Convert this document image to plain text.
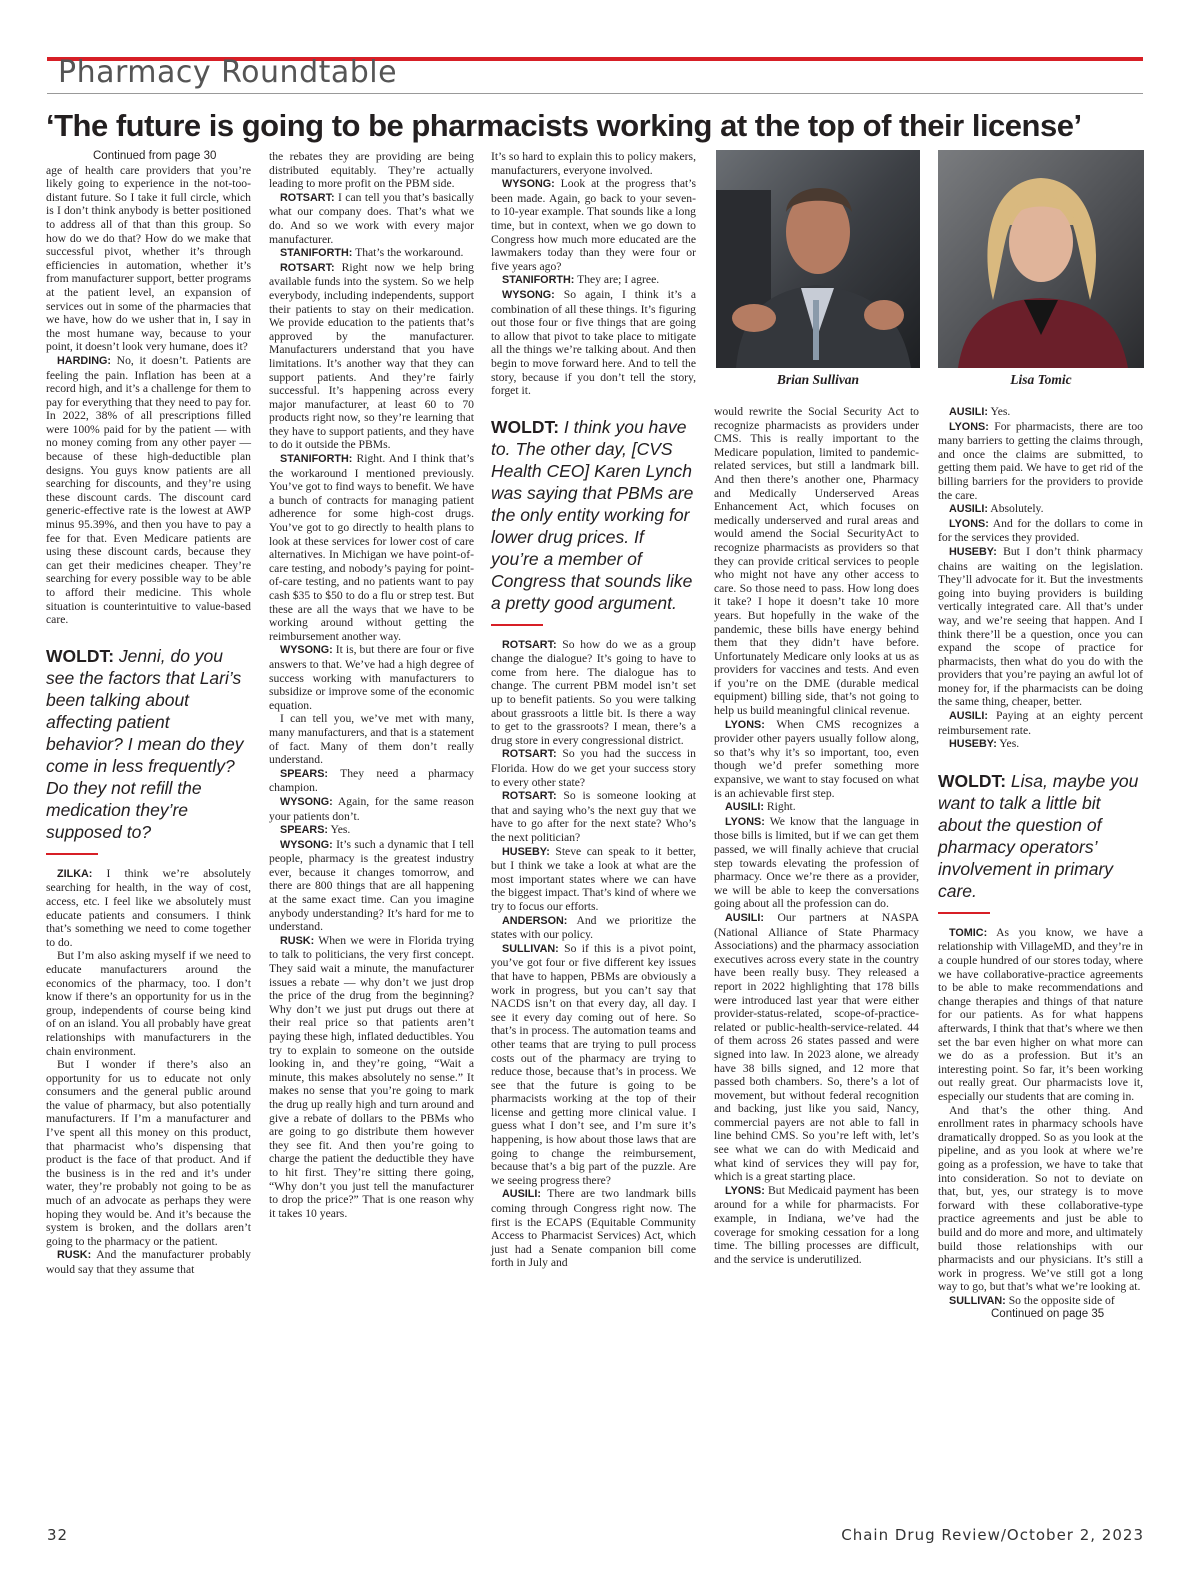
Pharmacy Roundtable
‘The future is going to be pharmacists working at the top of their license’

Continued from page 30

age of health care providers that you’re likely going to experience in the not-too-distant future. So I take it full circle, which is I don’t think anybody is better positioned to address all of that than this group. So how do we do that? How do we make that successful pivot, whether it’s through efficiencies in automation, whether it’s from manufacturer support, better programs at the patient level, an expansion of services out in some of the pharmacies that we have, how do we usher that in, I say in the most humane way, because to your point, it doesn’t look very humane, does it?

HARDING: No, it doesn’t. Patients are feeling the pain. Inflation has been at a record high, and it’s a challenge for them to pay for everything that they need to pay for. In 2022, 38% of all prescriptions filled were 100% paid for by the patient — with no money coming from any other payer — because of these high-deductible plan designs. You guys know patients are all searching for discounts, and they’re using these discount cards. The discount card generic-effective rate is the lowest at AWP minus 95.39%, and then you have to pay a fee for that. Even Medicare patients are using these discount cards, because they can get their medicines cheaper. They’re searching for every possible way to be able to afford their medicine. This whole situation is counterintuitive to value-based care.

WOLDT: Jenni, do you see the factors that Lari’s been talking about affecting patient behavior? I mean do they come in less frequently? Do they not refill the medication they’re supposed to?

ZILKA: I think we’re absolutely searching for health, in the way of cost, access, etc. I feel like we absolutely must educate patients and consumers. I think that’s something we need to come together to do.

But I’m also asking myself if we need to educate manufacturers around the economics of the pharmacy, too. I don’t know if there’s an opportunity for us in the group, independents of course being kind of on an island. You all probably have great relationships with manufacturers in the chain environment.

But I wonder if there’s also an opportunity for us to educate not only consumers and the general public around the value of pharmacy, but also potentially manufacturers. If I’m a manufacturer and I’ve spent all this money on this product, that pharmacist who’s dispensing that product is the face of that product. And if the business is in the red and it’s under water, they’re probably not going to be as much of an advocate as perhaps they were hoping they would be. And it’s because the system is broken, and the dollars aren’t going to the pharmacy or the patient.

RUSK: And the manufacturer probably would say that they assume that

the rebates they are providing are being distributed equitably. They’re actually leading to more profit on the PBM side.

ROTSART: I can tell you that’s basically what our company does. That’s what we do. And so we work with every major manufacturer.

STANIFORTH: That’s the workaround.

ROTSART: Right now we help bring available funds into the system. So we help everybody, including independents, support their patients to stay on their medication. We provide education to the patients that’s approved by the manufacturer. Manufacturers understand that you have limitations. It’s another way that they can support patients. And they’re fairly successful. It’s happening across every major manufacturer, at least 60 to 70 products right now, so they’re learning that they have to support patients, and they have to do it outside the PBMs.

STANIFORTH: Right. And I think that’s the workaround I mentioned previously. You’ve got to find ways to benefit. We have a bunch of contracts for managing patient adherence for some high-cost drugs. You’ve got to go directly to health plans to look at these services for lower cost of care alternatives. In Michigan we have point-of-care testing, and nobody’s paying for point-of-care testing, and no patients want to pay cash $35 to $50 to do a flu or strep test. But these are all the ways that we have to be working around without getting the reimbursement another way.

WYSONG: It is, but there are four or five answers to that. We’ve had a high degree of success working with manufacturers to subsidize or improve some of the economic equation.

I can tell you, we’ve met with many, many manufacturers, and that is a statement of fact. Many of them don’t really understand.

SPEARS: They need a pharmacy champion.

WYSONG: Again, for the same reason your patients don’t.

SPEARS: Yes.

WYSONG: It’s such a dynamic that I tell people, pharmacy is the greatest industry ever, because it changes tomorrow, and there are 800 things that are all happening at the same exact time. Can you imagine anybody understanding? It’s hard for me to understand.

RUSK: When we were in Florida trying to talk to politicians, the very first concept. They said wait a minute, the manufacturer issues a rebate — why don’t we just drop the price of the drug from the beginning? Why don’t we just put drugs out there at their real price so that patients aren’t paying these high, inflated deductibles. You try to explain to someone on the outside looking in, and they’re going, “Wait a minute, this makes absolutely no sense.” It makes no sense that you’re going to mark the drug up really high and turn around and give a rebate of dollars to the PBMs who are going to go distribute them however they see fit. And then you’re going to charge the patient the deductible they have to hit first. They’re sitting there going, “Why don’t you just tell the manufacturer to drop the price?” That is one reason why it takes 10 years.

It’s so hard to explain this to policy makers, manufacturers, everyone involved.

WYSONG: Look at the progress that’s been made. Again, go back to your seven- to 10-year example. That sounds like a long time, but in context, when we go down to Congress how much more educated are the lawmakers today than they were four or five years ago?

STANIFORTH: They are; I agree.

WYSONG: So again, I think it’s a combination of all these things. It’s figuring out those four or five things that are going to allow that pivot to take place to mitigate all the things we’re talking about. And then begin to move forward here. And to tell the story, because if you don’t tell the story, forget it.

WOLDT: I think you have to. The other day, [CVS Health CEO] Karen Lynch was saying that PBMs are the only entity working for lower drug prices. If you’re a member of Congress that sounds like a pretty good argument.

ROTSART: So how do we as a group change the dialogue? It’s going to have to come from here. The dialogue has to change. The current PBM model isn’t set up to benefit patients. So you were talking about grassroots a little bit. Is there a way to get to the grassroots? I mean, there’s a drug store in every congressional district.

ROTSART: So you had the success in Florida. How do we get your success story to every other state?

ROTSART: So is someone looking at that and saying who’s the next guy that we have to go after for the next state? Who’s the next politician?

HUSEBY: Steve can speak to it better, but I think we take a look at what are the most important states where we can have the biggest impact. That’s kind of where we try to focus our efforts.

ANDERSON: And we prioritize the states with our policy.

SULLIVAN: So if this is a pivot point, you’ve got four or five different key issues that have to happen, PBMs are obviously a work in progress, but you can’t say that NACDS isn’t on that every day, all day. I see it every day coming out of here. So that’s in process. The automation teams and other teams that are trying to pull process costs out of the pharmacy are trying to reduce those, because that’s in process. We see that the future is going to be pharmacists working at the top of their license and getting more clinical value. I guess what I don’t see, and I’m sure it’s happening, is how about those laws that are going to change the reimbursement, because that’s a big part of the puzzle. Are we seeing progress there?

AUSILI: There are two landmark bills coming through Congress right now. The first is the ECAPS (Equitable Community Access to Pharmacist Services) Act, which just had a Senate companion bill come forth in July and

Brian Sullivan	Lisa Tomic

would rewrite the Social Security Act to recognize pharmacists as providers under CMS. This is really important to the Medicare population, limited to pandemic-related services, but still a landmark bill. And then there’s another one, Pharmacy and Medically Underserved Areas Enhancement Act, which focuses on medically underserved and rural areas and would amend the Social SecurityAct to recognize pharmacists as providers so that they can provide critical services to people who might not have any other access to care. So those need to pass. How long does it take? I hope it doesn’t take 10 more years. But hopefully in the wake of the pandemic, these bills have energy behind them that they didn’t have before. Unfortunately Medicare only looks at us as providers for vaccines and tests. And even if you’re on the DME (durable medical equipment) billing side, that’s not going to help us build meaningful clinical revenue.

LYONS: When CMS recognizes a provider other payers usually follow along, so that’s why it’s so important, too, even though we’d prefer something more expansive, we want to stay focused on what is an achievable first step.

AUSILI: Right.

LYONS: We know that the language in those bills is limited, but if we can get them passed, we will finally achieve that crucial step towards elevating the profession of pharmacy. Once we’re there as a provider, we will be able to keep the conversations going about all the profession can do.

AUSILI: Our partners at NASPA (National Alliance of State Pharmacy Associations) and the pharmacy association executives across every state in the country have been really busy. They released a report in 2022 highlighting that 178 bills were introduced last year that were either provider-status-related, scope-of-practice-related or public-health-service-related. 44 of them across 26 states passed and were signed into law. In 2023 alone, we already have 38 bills signed, and 12 more that passed both chambers. So, there’s a lot of movement, but without federal recognition and backing, just like you said, Nancy, commercial payers are not able to fall in line behind CMS. So you’re left with, let’s see what we can do with Medicaid and what kind of services they will pay for, which is a great starting place.

LYONS: But Medicaid payment has been around for a while for pharmacists. For example, in Indiana, we’ve had the coverage for smoking cessation for a long time. The billing processes are difficult, and the service is underutilized.

AUSILI: Yes.

LYONS: For pharmacists, there are too many barriers to getting the claims through, and once the claims are submitted, to getting them paid. We have to get rid of the billing barriers for the providers to provide the care.

AUSILI: Absolutely.

LYONS: And for the dollars to come in for the services they provided.

HUSEBY: But I don’t think pharmacy chains are waiting on the legislation. They’ll advocate for it. But the investments going into buying providers is building vertically integrated care. All that’s under way, and we’re seeing that happen. And I think there’ll be a question, once you can expand the scope of practice for pharmacists, then what do you do with the providers that you’re paying an awful lot of money for, if the pharmacists can be doing the same thing, cheaper, better.

AUSILI: Paying at an eighty percent reimbursement rate.

HUSEBY: Yes.

WOLDT: Lisa, maybe you want to talk a little bit about the question of pharmacy operators’ involvement in primary care.

TOMIC: As you know, we have a relationship with VillageMD, and they’re in a couple hundred of our stores today, where we have collaborative-practice agreements to be able to make recommendations and change therapies and things of that nature for our patients. As for what happens afterwards, I think that that’s where we then set the bar even higher on what more can we do as a profession. But it’s an interesting point. So far, it’s been working out really great. Our pharmacists love it, especially our students that are coming in.

And that’s the other thing. And enrollment rates in pharmacy schools have dramatically dropped. So as you look at the pipeline, and as you look at where we’re going as a profession, we have to take that into consideration. So not to deviate on that, but, yes, our strategy is to move forward with these collaborative-type practice agreements and just be able to build and do more and more, and ultimately build those relationships with our pharmacists and our physicians. It’s still a work in progress. We’ve still got a long way to go, but that’s what we’re looking at.

SULLIVAN: So the opposite side of

Continued on page 35

32	Chain Drug Review/October 2, 2023
